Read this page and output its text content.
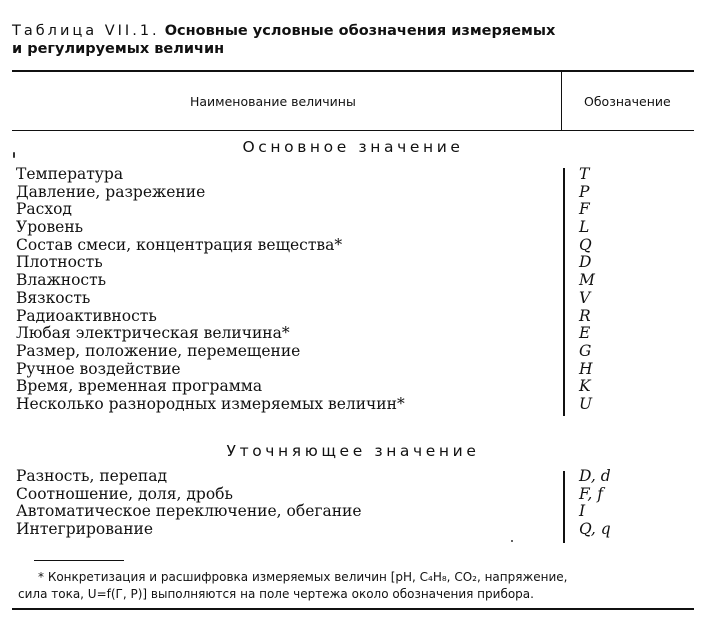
Таблица VII.1. Основные условные обозначения измеряемых
и регулируемых величин
Наименование величины	Обозначение
Основное значение
Температура	T
Давление, разрежение	P
Расход	F
Уровень	L
Состав смеси, концентрация вещества*	Q
Плотность	D
Влажность	M
Вязкость	V
Радиоактивность	R
Любая электрическая величина*	E
Размер, положение, перемещение	G
Ручное воздействие	H
Время, временная программа	K
Несколько разнородных измеряемых величин*	U
Уточняющее значение
Разность, перепад	D, d
Соотношение, доля, дробь	F, f
Автоматическое переключение, обегание	I
Интегрирование	Q, q
* Конкретизация и расшифровка измеряемых величин [pH, C₄H₈, CO₂, напряжение,
сила тока, U=f(Г, P)] выполняются на поле чертежа около обозначения прибора.
